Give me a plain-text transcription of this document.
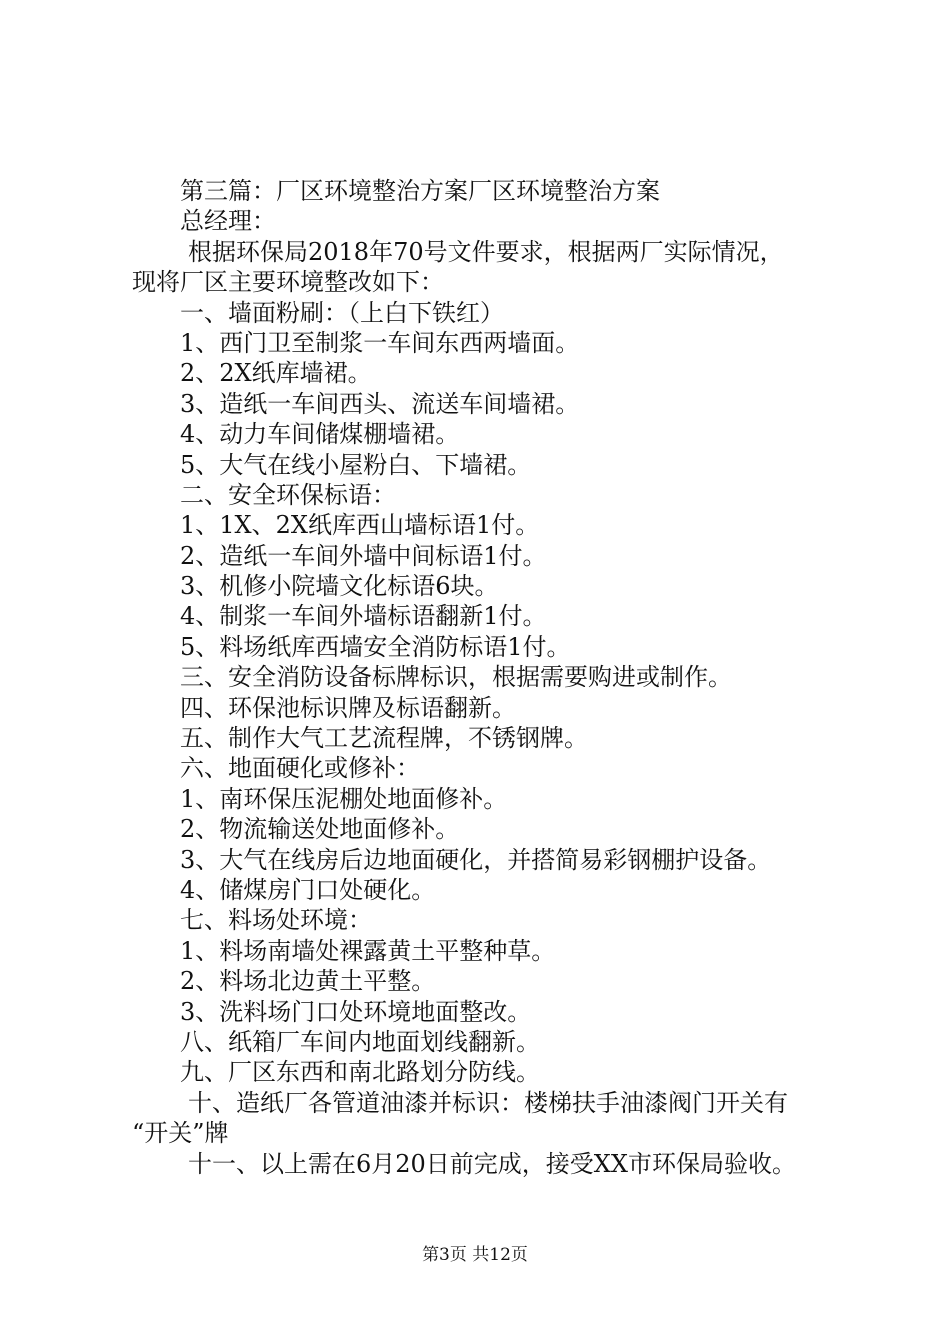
第三篇：厂区环境整治方案厂区环境整治方案
总经理：
根据环保局2018年70号文件要求，根据两厂实际情况，
现将厂区主要环境整改如下：
一、墙面粉刷：（上白下铁红）
1、西门卫至制浆一车间东西两墙面。
2、2X纸库墙裙。
3、造纸一车间西头、流送车间墙裙。
4、动力车间储煤棚墙裙。
5、大气在线小屋粉白、下墙裙。
二、安全环保标语：
1、1X、2X纸库西山墙标语1付。
2、造纸一车间外墙中间标语1付。
3、机修小院墙文化标语6块。
4、制浆一车间外墙标语翻新1付。
5、料场纸库西墙安全消防标语1付。
三、安全消防设备标牌标识，根据需要购进或制作。
四、环保池标识牌及标语翻新。
五、制作大气工艺流程牌，不锈钢牌。
六、地面硬化或修补：
1、南环保压泥棚处地面修补。
2、物流输送处地面修补。
3、大气在线房后边地面硬化，并搭简易彩钢棚护设备。
4、储煤房门口处硬化。
七、料场处环境：
1、料场南墙处裸露黄土平整种草。
2、料场北边黄土平整。
3、洗料场门口处环境地面整改。
八、纸箱厂车间内地面划线翻新。
九、厂区东西和南北路划分防线。
十、造纸厂各管道油漆并标识：楼梯扶手油漆阀门开关有
“开关”牌
十一、以上需在6月20日前完成，接受XX市环保局验收。
第3页 共12页
